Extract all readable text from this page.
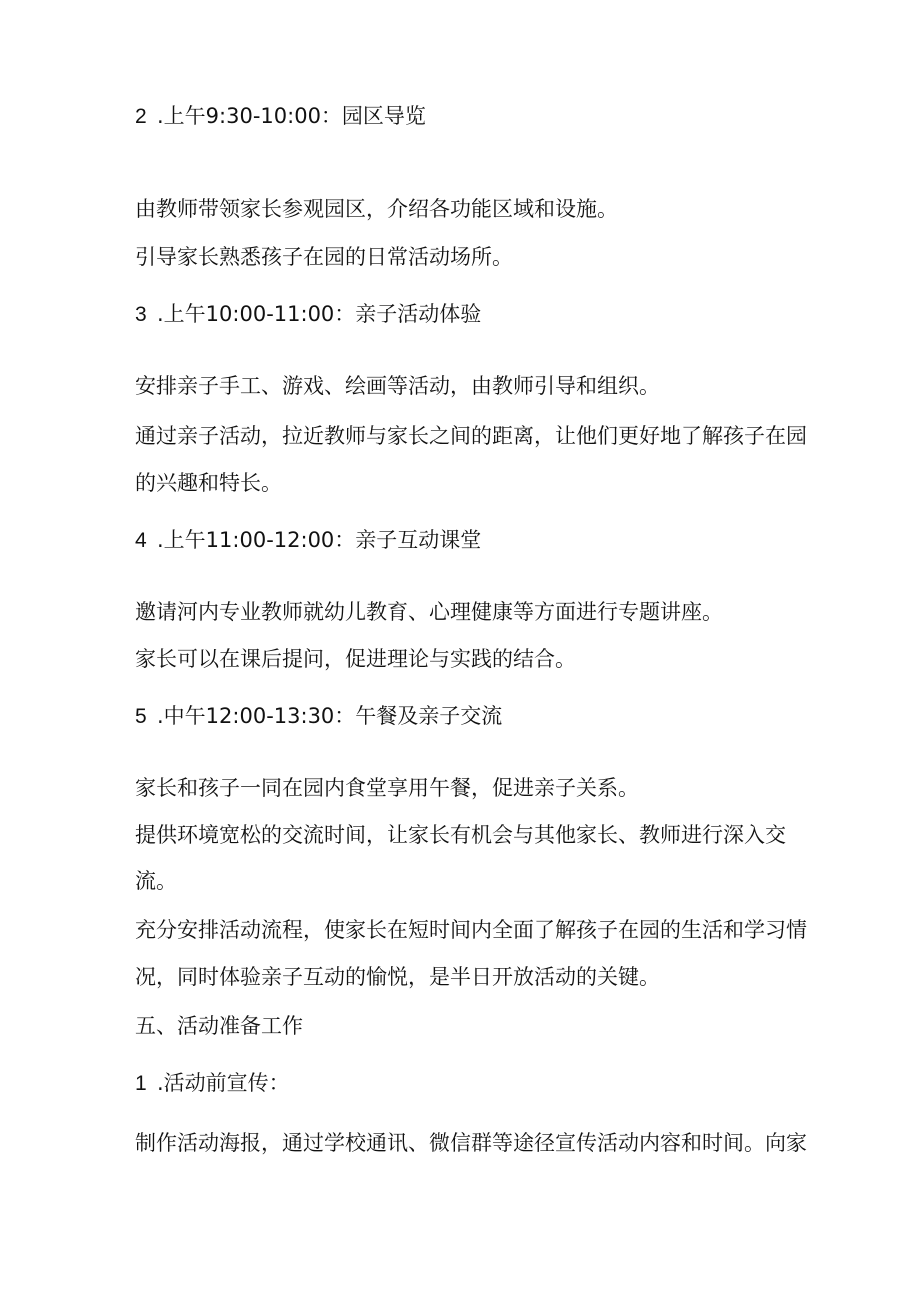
2 .上午9:30-10:00：园区导览
由教师带领家长参观园区，介绍各功能区域和设施。
引导家长熟悉孩子在园的日常活动场所。
3 .上午10:00-11:00：亲子活动体验
安排亲子手工、游戏、绘画等活动，由教师引导和组织。
通过亲子活动，拉近教师与家长之间的距离，让他们更好地了解孩子在园
的兴趣和特长。
4 .上午11:00-12:00：亲子互动课堂
邀请河内专业教师就幼儿教育、心理健康等方面进行专题讲座。
家长可以在课后提问，促进理论与实践的结合。
5 .中午12:00-13:30：午餐及亲子交流
家长和孩子一同在园内食堂享用午餐，促进亲子关系。
提供环境宽松的交流时间，让家长有机会与其他家长、教师进行深入交
流。
充分安排活动流程，使家长在短时间内全面了解孩子在园的生活和学习情
况，同时体验亲子互动的愉悦，是半日开放活动的关键。
五、活动准备工作
1 .活动前宣传：
制作活动海报，通过学校通讯、微信群等途径宣传活动内容和时间。向家
